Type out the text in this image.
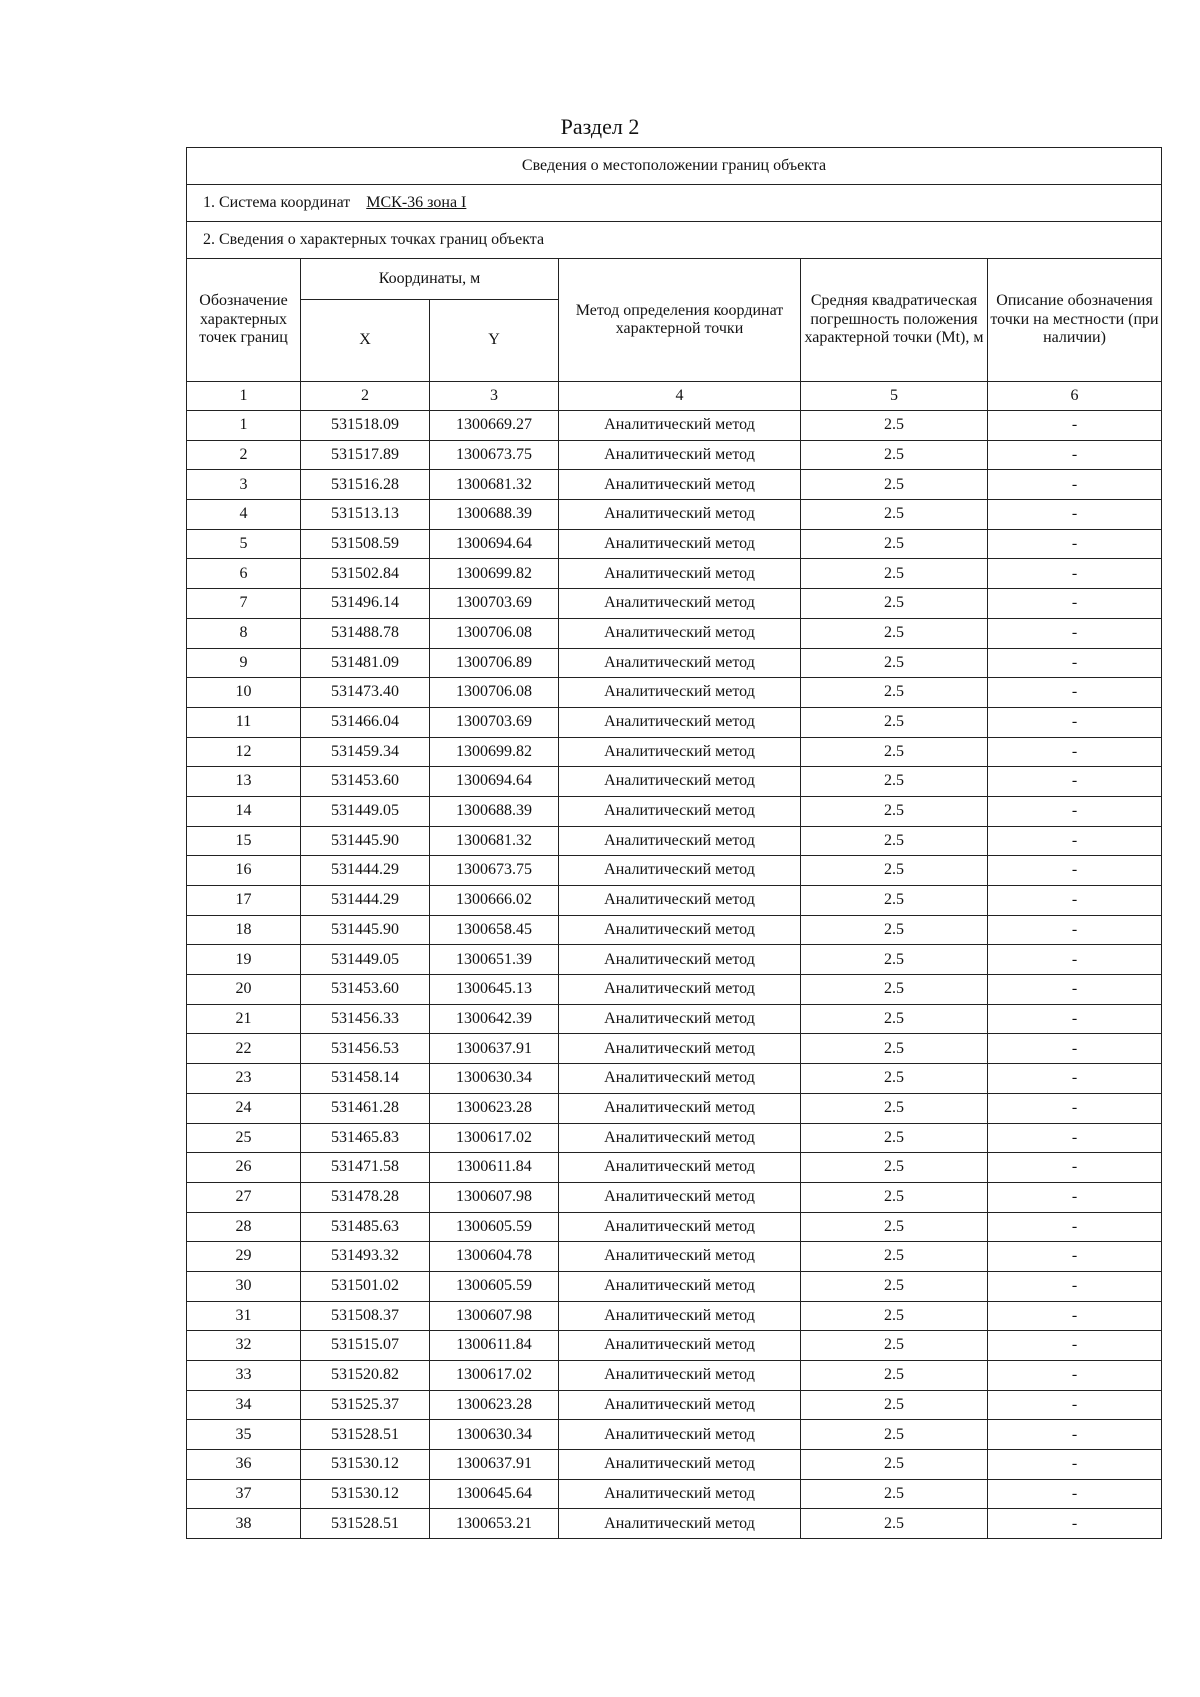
Раздел 2
Сведения о местоположении границ объекта					
1. Система координат МСК-36 зона I					
2. Сведения о характерных точках границ объекта					
Обозначение характерных точек границ	Координаты, м		Метод определения координат характерной точки	Средняя квадратическая погрешность положения характерной точки (Mt), м	Описание обозначения точки на местности (при наличии)
	X	Y			
1	2	3	4	5	6
1	531518.09	1300669.27	Аналитический метод	2.5	-
2	531517.89	1300673.75	Аналитический метод	2.5	-
3	531516.28	1300681.32	Аналитический метод	2.5	-
4	531513.13	1300688.39	Аналитический метод	2.5	-
5	531508.59	1300694.64	Аналитический метод	2.5	-
6	531502.84	1300699.82	Аналитический метод	2.5	-
7	531496.14	1300703.69	Аналитический метод	2.5	-
8	531488.78	1300706.08	Аналитический метод	2.5	-
9	531481.09	1300706.89	Аналитический метод	2.5	-
10	531473.40	1300706.08	Аналитический метод	2.5	-
11	531466.04	1300703.69	Аналитический метод	2.5	-
12	531459.34	1300699.82	Аналитический метод	2.5	-
13	531453.60	1300694.64	Аналитический метод	2.5	-
14	531449.05	1300688.39	Аналитический метод	2.5	-
15	531445.90	1300681.32	Аналитический метод	2.5	-
16	531444.29	1300673.75	Аналитический метод	2.5	-
17	531444.29	1300666.02	Аналитический метод	2.5	-
18	531445.90	1300658.45	Аналитический метод	2.5	-
19	531449.05	1300651.39	Аналитический метод	2.5	-
20	531453.60	1300645.13	Аналитический метод	2.5	-
21	531456.33	1300642.39	Аналитический метод	2.5	-
22	531456.53	1300637.91	Аналитический метод	2.5	-
23	531458.14	1300630.34	Аналитический метод	2.5	-
24	531461.28	1300623.28	Аналитический метод	2.5	-
25	531465.83	1300617.02	Аналитический метод	2.5	-
26	531471.58	1300611.84	Аналитический метод	2.5	-
27	531478.28	1300607.98	Аналитический метод	2.5	-
28	531485.63	1300605.59	Аналитический метод	2.5	-
29	531493.32	1300604.78	Аналитический метод	2.5	-
30	531501.02	1300605.59	Аналитический метод	2.5	-
31	531508.37	1300607.98	Аналитический метод	2.5	-
32	531515.07	1300611.84	Аналитический метод	2.5	-
33	531520.82	1300617.02	Аналитический метод	2.5	-
34	531525.37	1300623.28	Аналитический метод	2.5	-
35	531528.51	1300630.34	Аналитический метод	2.5	-
36	531530.12	1300637.91	Аналитический метод	2.5	-
37	531530.12	1300645.64	Аналитический метод	2.5	-
38	531528.51	1300653.21	Аналитический метод	2.5	-
